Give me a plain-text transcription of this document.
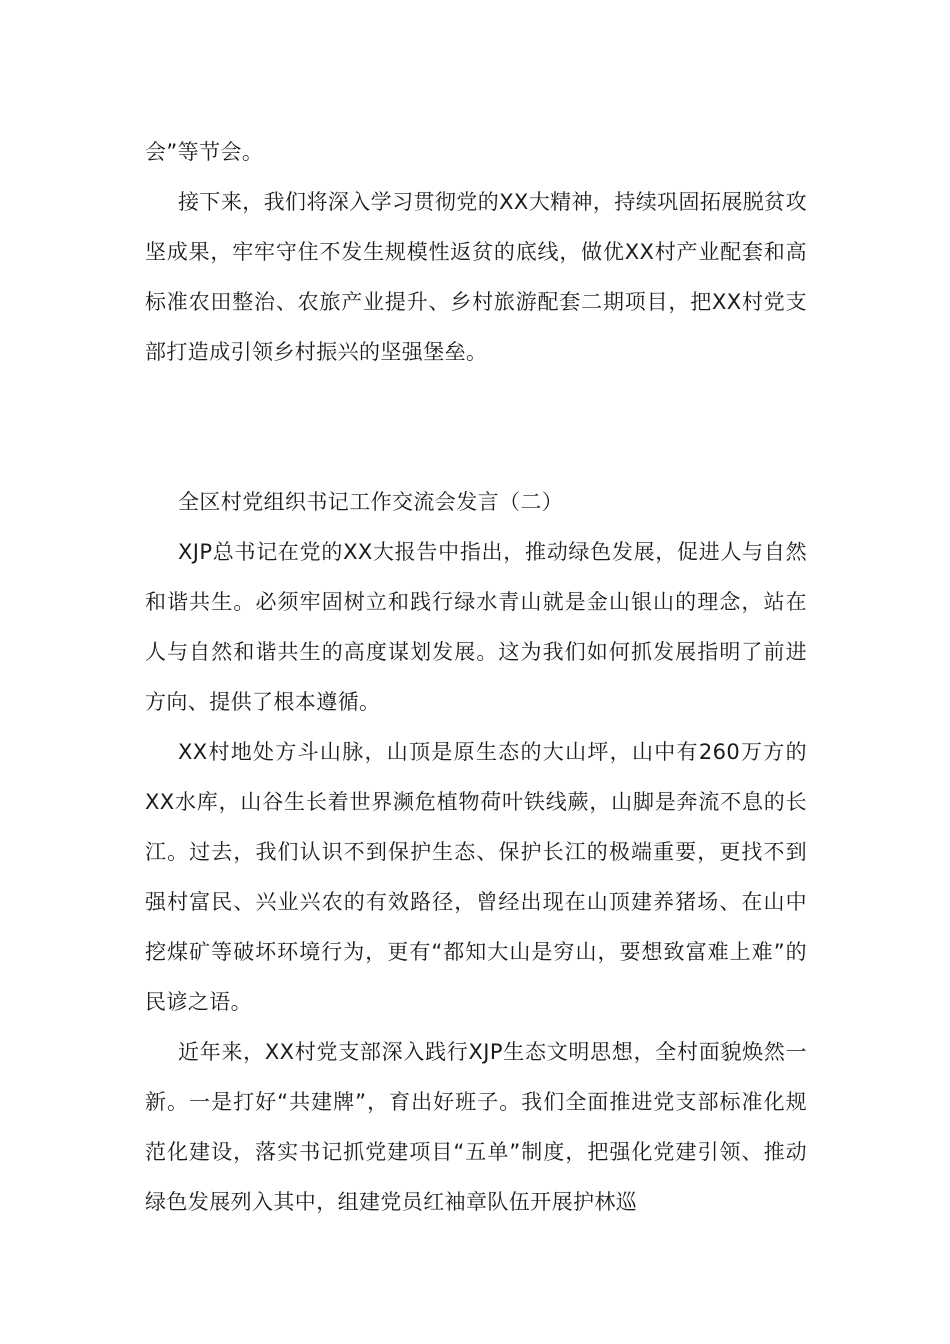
会”等节会。

接下来，我们将深入学习贯彻党的XX大精神，持续巩固拓展脱贫攻坚成果，牢牢守住不发生规模性返贫的底线，做优XX村产业配套和高标准农田整治、农旅产业提升、乡村旅游配套二期项目，把XX村党支部打造成引领乡村振兴的坚强堡垒。

全区村党组织书记工作交流会发言（二）

XJP总书记在党的XX大报告中指出，推动绿色发展，促进人与自然和谐共生。必须牢固树立和践行绿水青山就是金山银山的理念，站在人与自然和谐共生的高度谋划发展。这为我们如何抓发展指明了前进方向、提供了根本遵循。

XX村地处方斗山脉，山顶是原生态的大山坪，山中有260万方的XX水库，山谷生长着世界濒危植物荷叶铁线蕨，山脚是奔流不息的长江。过去，我们认识不到保护生态、保护长江的极端重要，更找不到强村富民、兴业兴农的有效路径，曾经出现在山顶建养猪场、在山中挖煤矿等破坏环境行为，更有“都知大山是穷山，要想致富难上难”的民谚之语。

近年来，XX村党支部深入践行XJP生态文明思想，全村面貌焕然一新。一是打好“共建牌”，育出好班子。我们全面推进党支部标准化规范化建设，落实书记抓党建项目“五单”制度，把强化党建引领、推动绿色发展列入其中，组建党员红袖章队伍开展护林巡
